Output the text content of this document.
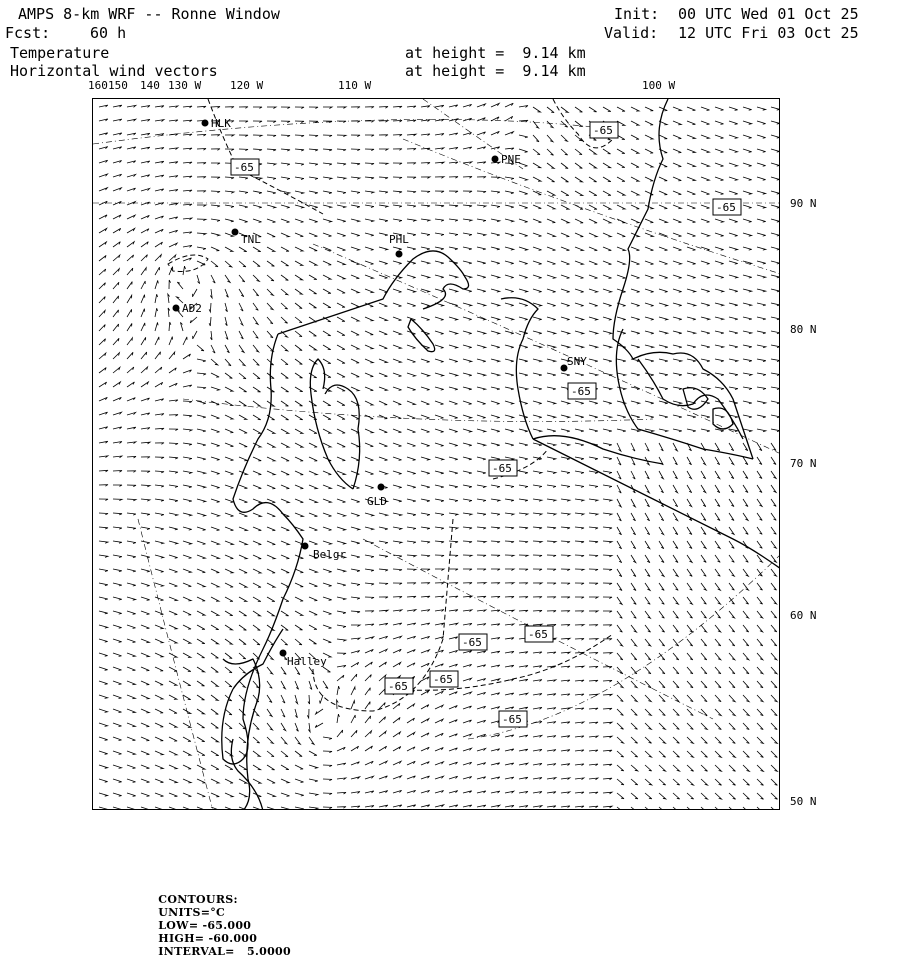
AMPS 8-km WRF -- Ronne Window
Fcst:	60 h
Temperature
Horizontal wind vectors
at height =  9.14 km
at height =  9.14 km
Init: 00 UTC Wed 01 Oct 25
Valid: 12 UTC Fri 03 Oct 25
160 150 140 130 W	120 W	110 W	100 W
90 N
80 N
70 N
60 N
50 N
HLK
PNE
TNL	PHL
AD2
SNY
GLD
Belgr
Halley
-65
-65
-65
-65
-65
-65
-65
-65
-65
-65

CONTOURS:
UNITS=°C
LOW= -65.000
HIGH= -60.000
INTERVAL=   5.0000
